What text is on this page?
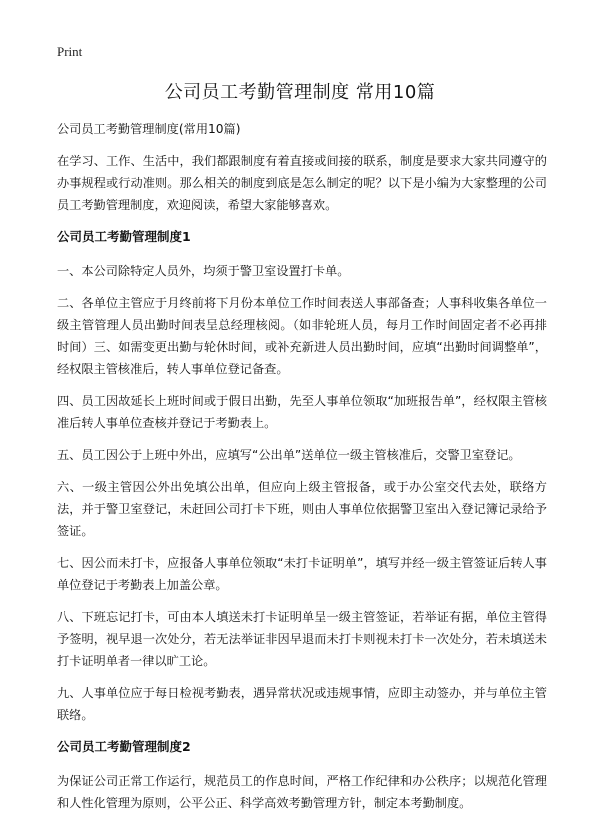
Print
公司员工考勤管理制度 常用10篇

公司员工考勤管理制度(常用10篇)

在学习、工作、生活中，我们都跟制度有着直接或间接的联系，制度是要求大家共同遵守的办事规程或行动准则。那么相关的制度到底是怎么制定的呢？以下是小编为大家整理的公司员工考勤管理制度，欢迎阅读，希望大家能够喜欢。

公司员工考勤管理制度1

一、本公司除特定人员外，均须于警卫室设置打卡单。

二、各单位主管应于月终前将下月份本单位工作时间表送人事部备查；人事科收集各单位一级主管管理人员出勤时间表呈总经理核阅。（如非轮班人员，每月工作时间固定者不必再排时间）三、如需变更出勤与轮休时间，或补充新进人员出勤时间，应填“出勤时间调整单”，经权限主管核准后，转人事单位登记备查。

四、员工因故延长上班时间或于假日出勤，先至人事单位领取“加班报告单”，经权限主管核准后转人事单位查核并登记于考勤表上。

五、员工因公于上班中外出，应填写“公出单”送单位一级主管核准后，交警卫室登记。

六、一级主管因公外出免填公出单，但应向上级主管报备，或于办公室交代去处，联络方法，并于警卫室登记，未赶回公司打卡下班，则由人事单位依据警卫室出入登记簿记录给予签证。

七、因公而未打卡，应报备人事单位领取“未打卡证明单”，填写并经一级主管签证后转人事单位登记于考勤表上加盖公章。

八、下班忘记打卡，可由本人填送未打卡证明单呈一级主管签证，若举证有据，单位主管得予签明，视早退一次处分，若无法举证非因早退而未打卡则视未打卡一次处分，若未填送未打卡证明单者一律以旷工论。

九、人事单位应于每日检视考勤表，遇异常状况或违规事情，应即主动签办，并与单位主管联络。

公司员工考勤管理制度2

为保证公司正常工作运行，规范员工的作息时间，严格工作纪律和办公秩序；以规范化管理和人性化管理为原则，公平公正、科学高效考勤管理方针，制定本考勤制度。
